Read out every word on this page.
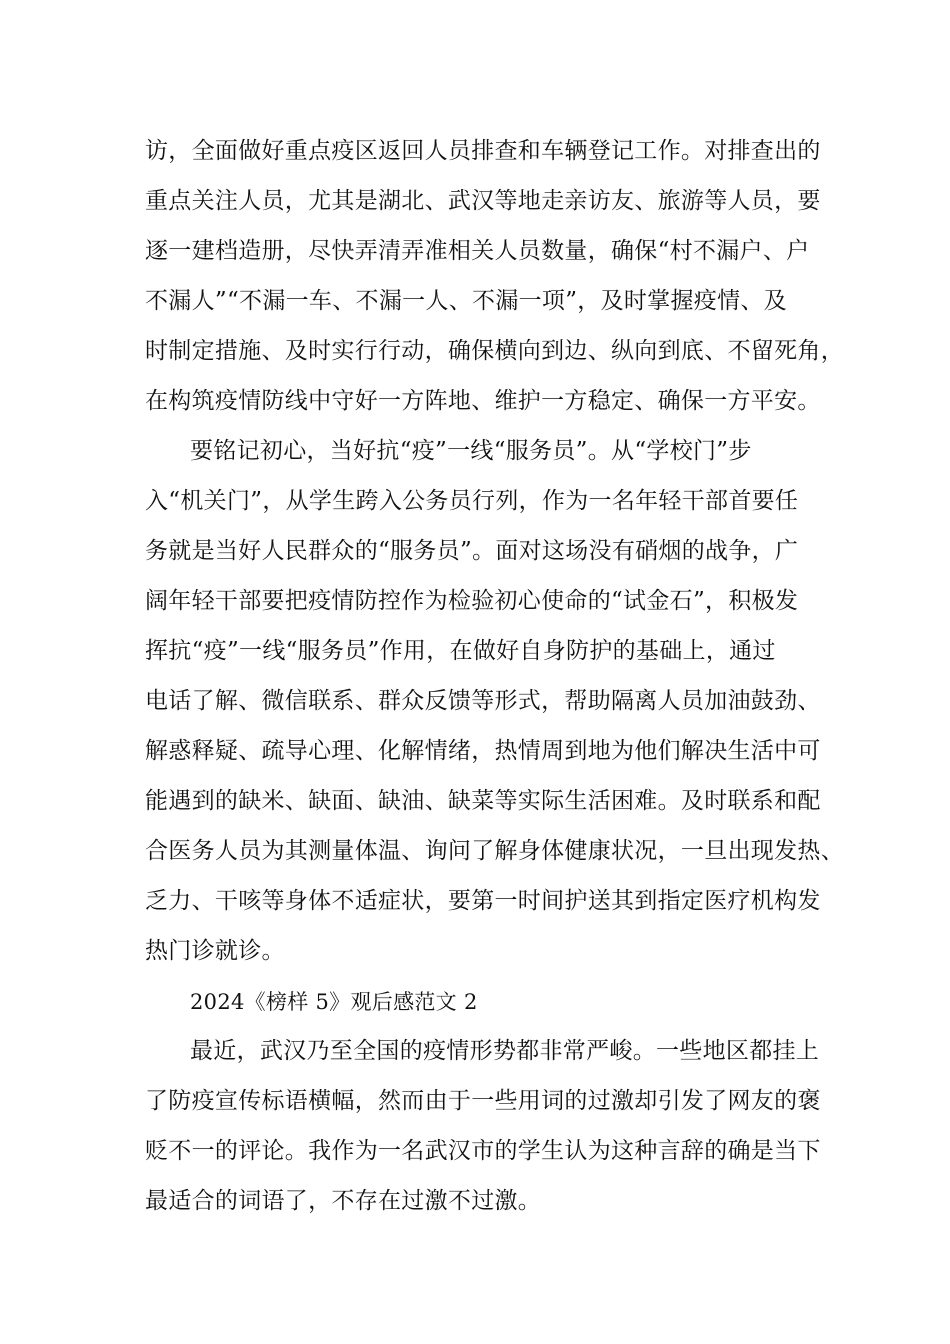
访，全面做好重点疫区返回人员排查和车辆登记工作。对排查出的
重点关注人员，尤其是湖北、武汉等地走亲访友、旅游等人员，要
逐一建档造册，尽快弄清弄准相关人员数量，确保“村不漏户、户
不漏人”“不漏一车、不漏一人、不漏一项”，及时掌握疫情、及
时制定措施、及时实行行动，确保横向到边、纵向到底、不留死角，
在构筑疫情防线中守好一方阵地、维护一方稳定、确保一方平安。
要铭记初心，当好抗“疫”一线“服务员”。从“学校门”步
入“机关门”，从学生跨入公务员行列，作为一名年轻干部首要任
务就是当好人民群众的“服务员”。面对这场没有硝烟的战争，广
阔年轻干部要把疫情防控作为检验初心使命的“试金石”，积极发
挥抗“疫”一线“服务员”作用，在做好自身防护的基础上，通过
电话了解、微信联系、群众反馈等形式，帮助隔离人员加油鼓劲、
解惑释疑、疏导心理、化解情绪，热情周到地为他们解决生活中可
能遇到的缺米、缺面、缺油、缺菜等实际生活困难。及时联系和配
合医务人员为其测量体温、询问了解身体健康状况，一旦出现发热、
乏力、干咳等身体不适症状，要第一时间护送其到指定医疗机构发
热门诊就诊。
2024《榜样 5》观后感范文 2
最近，武汉乃至全国的疫情形势都非常严峻。一些地区都挂上
了防疫宣传标语横幅，然而由于一些用词的过激却引发了网友的褒
贬不一的评论。我作为一名武汉市的学生认为这种言辞的确是当下
最适合的词语了，不存在过激不过激。
